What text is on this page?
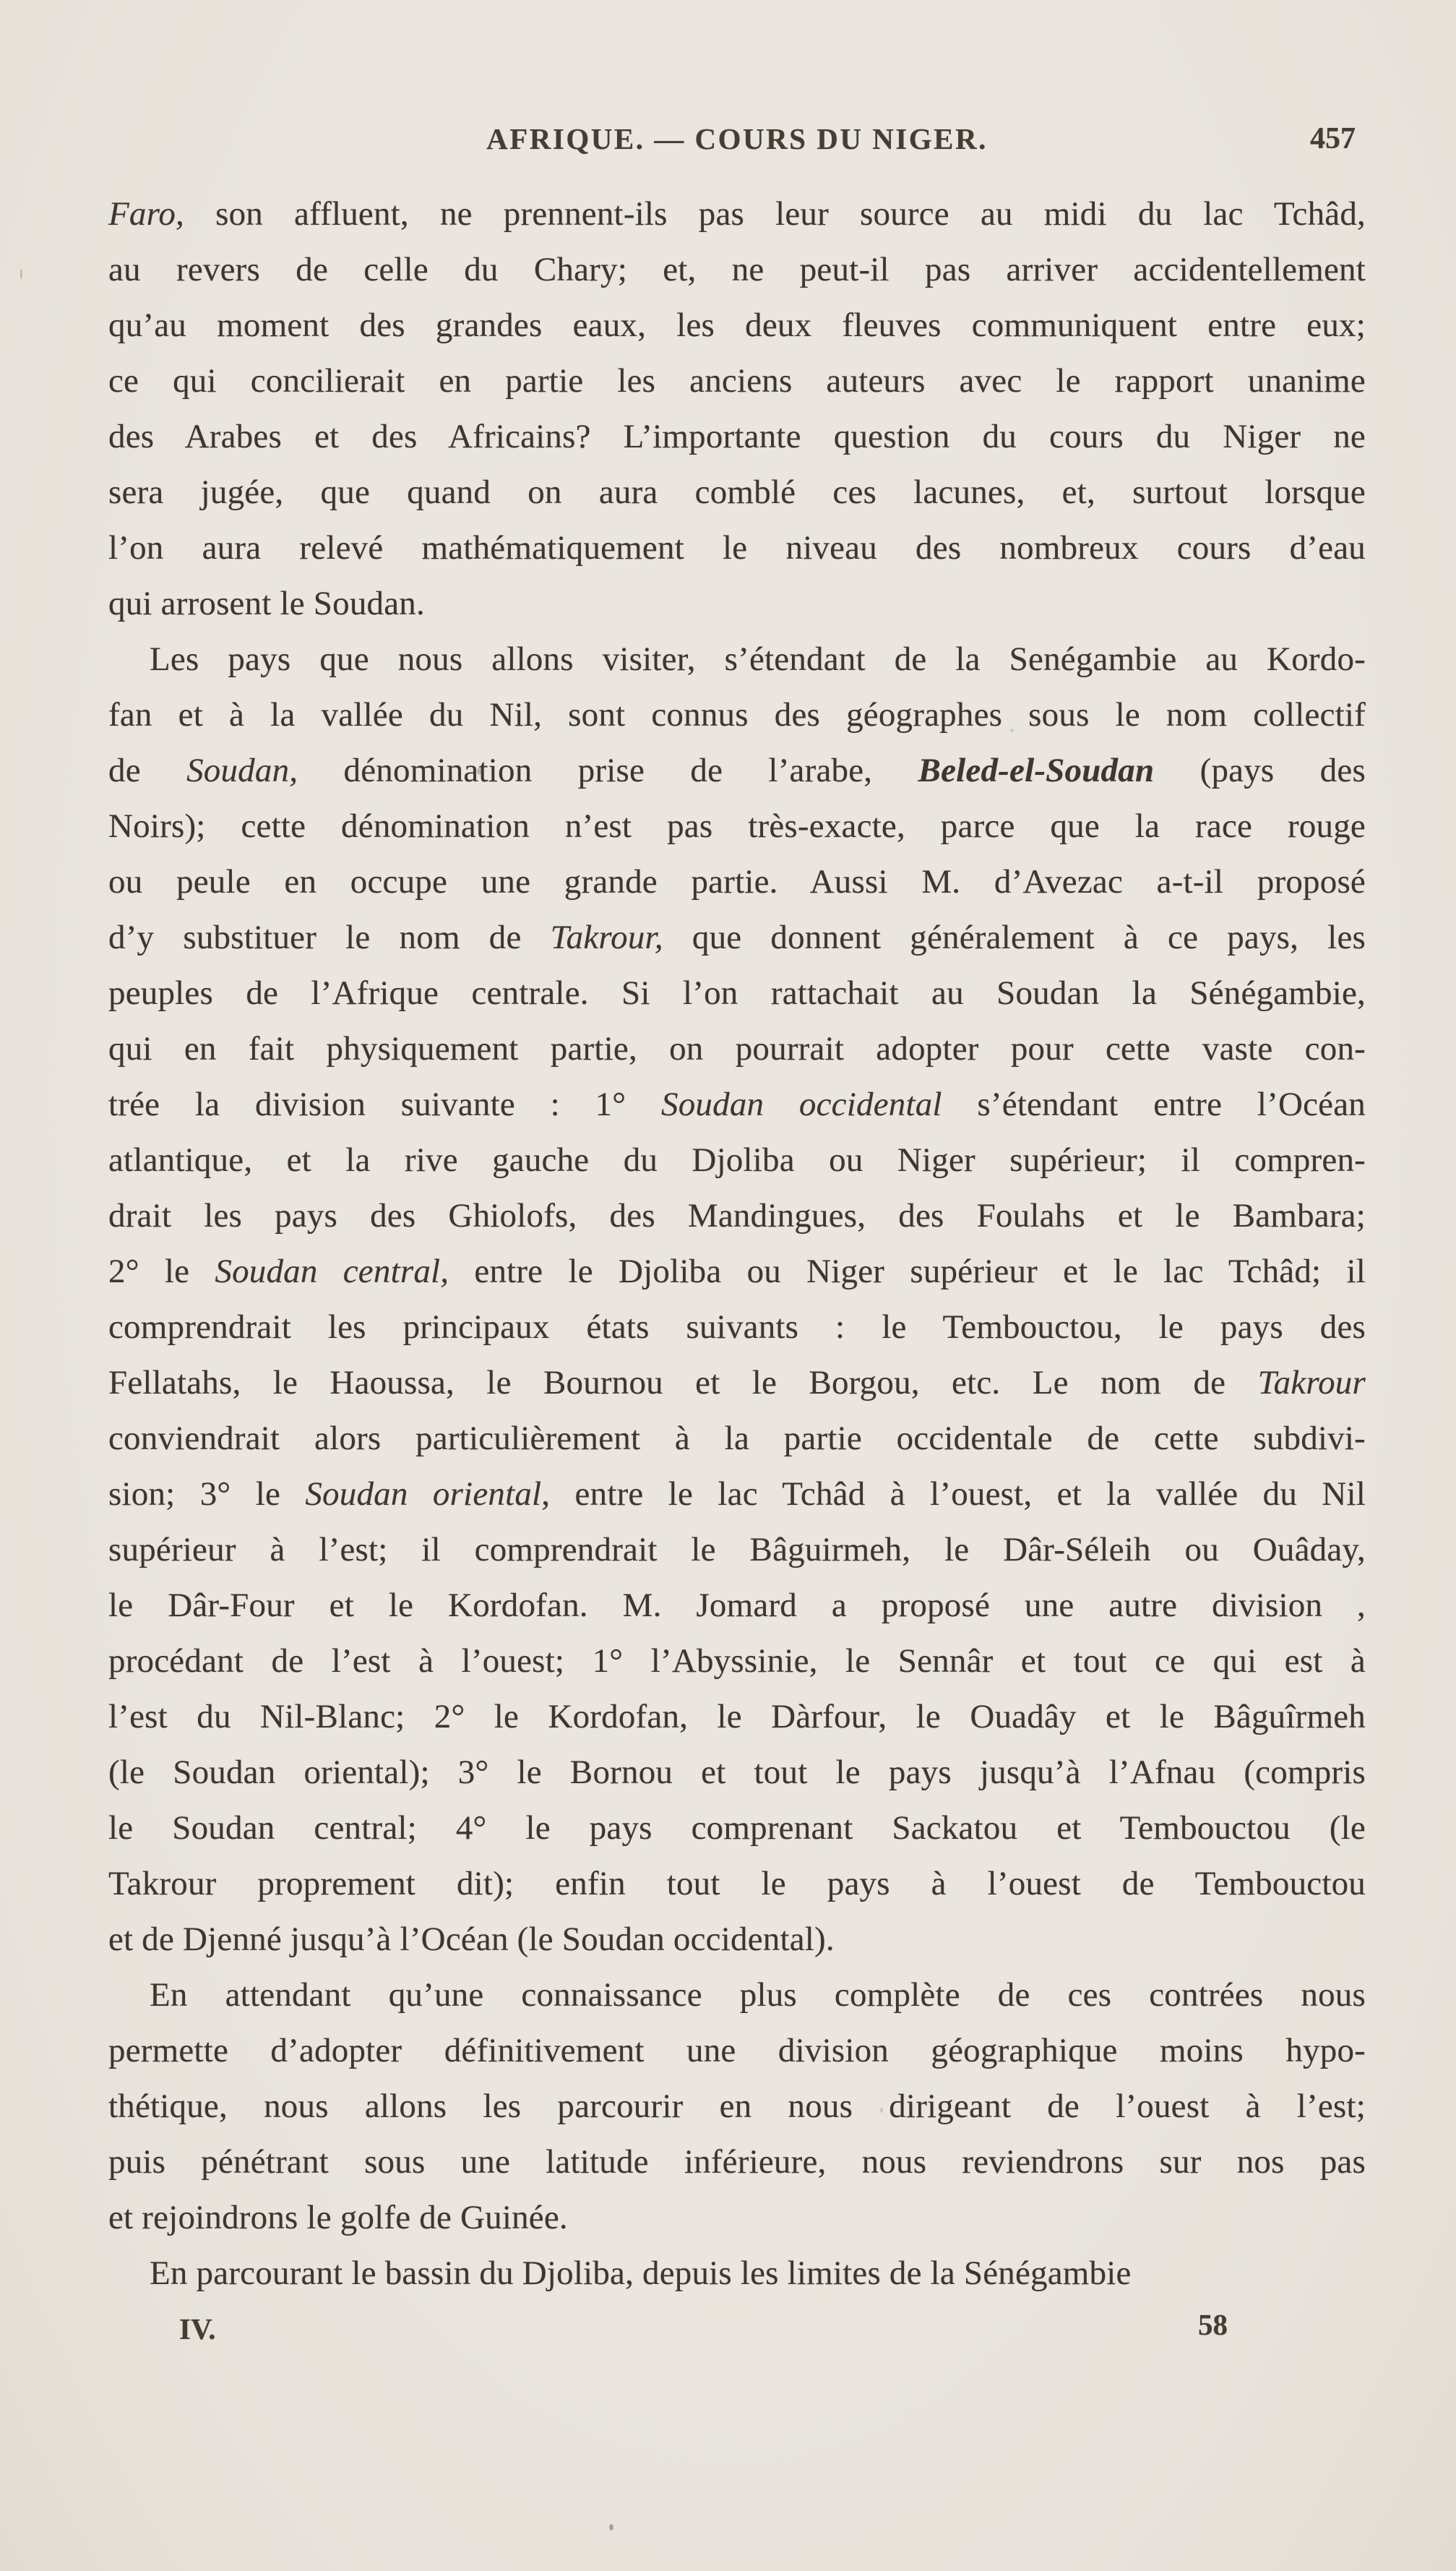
AFRIQUE. — COURS DU NIGER.	457
Faro, son affluent, ne prennent-ils pas leur source au midi du lac Tchâd,
au revers de celle du Chary; et, ne peut-il pas arriver accidentellement
qu’au moment des grandes eaux, les deux fleuves communiquent entre eux;
ce qui concilierait en partie les anciens auteurs avec le rapport unanime
des Arabes et des Africains? L’importante question du cours du Niger ne
sera jugée, que quand on aura comblé ces lacunes, et, surtout lorsque
l’on aura relevé mathématiquement le niveau des nombreux cours d’eau
qui arrosent le Soudan.
Les pays que nous allons visiter, s’étendant de la Senégambie au Kordo-
fan et à la vallée du Nil, sont connus des géographes sous le nom collectif
de Soudan, dénomination prise de l’arabe, Beled-el-Soudan (pays des
Noirs); cette dénomination n’est pas très-exacte, parce que la race rouge
ou peule en occupe une grande partie. Aussi M. d’Avezac a-t-il proposé
d’y substituer le nom de Takrour, que donnent généralement à ce pays, les
peuples de l’Afrique centrale. Si l’on rattachait au Soudan la Sénégambie,
qui en fait physiquement partie, on pourrait adopter pour cette vaste con-
trée la division suivante : 1° Soudan occidental s’étendant entre l’Océan
atlantique, et la rive gauche du Djoliba ou Niger supérieur; il compren-
drait les pays des Ghiolofs, des Mandingues, des Foulahs et le Bambara;
2° le Soudan central, entre le Djoliba ou Niger supérieur et le lac Tchâd; il
comprendrait les principaux états suivants : le Tembouctou, le pays des
Fellatahs, le Haoussa, le Bournou et le Borgou, etc. Le nom de Takrour
conviendrait alors particulièrement à la partie occidentale de cette subdivi-
sion; 3° le Soudan oriental, entre le lac Tchâd à l’ouest, et la vallée du Nil
supérieur à l’est; il comprendrait le Bâguirmeh, le Dâr-Séleih ou Ouâday,
le Dâr-Four et le Kordofan. M. Jomard a proposé une autre division ,
procédant de l’est à l’ouest; 1° l’Abyssinie, le Sennâr et tout ce qui est à
l’est du Nil-Blanc; 2° le Kordofan, le Dàrfour, le Ouadây et le Bâguîrmeh
(le Soudan oriental); 3° le Bornou et tout le pays jusqu’à l’Afnau (compris
le Soudan central; 4° le pays comprenant Sackatou et Tembouctou (le
Takrour proprement dit); enfin tout le pays à l’ouest de Tembouctou
et de Djenné jusqu’à l’Océan (le Soudan occidental).
En attendant qu’une connaissance plus complète de ces contrées nous
permette d’adopter définitivement une division géographique moins hypo-
thétique, nous allons les parcourir en nous dirigeant de l’ouest à l’est;
puis pénétrant sous une latitude inférieure, nous reviendrons sur nos pas
et rejoindrons le golfe de Guinée.
En parcourant le bassin du Djoliba, depuis les limites de la Sénégambie
IV.	58
